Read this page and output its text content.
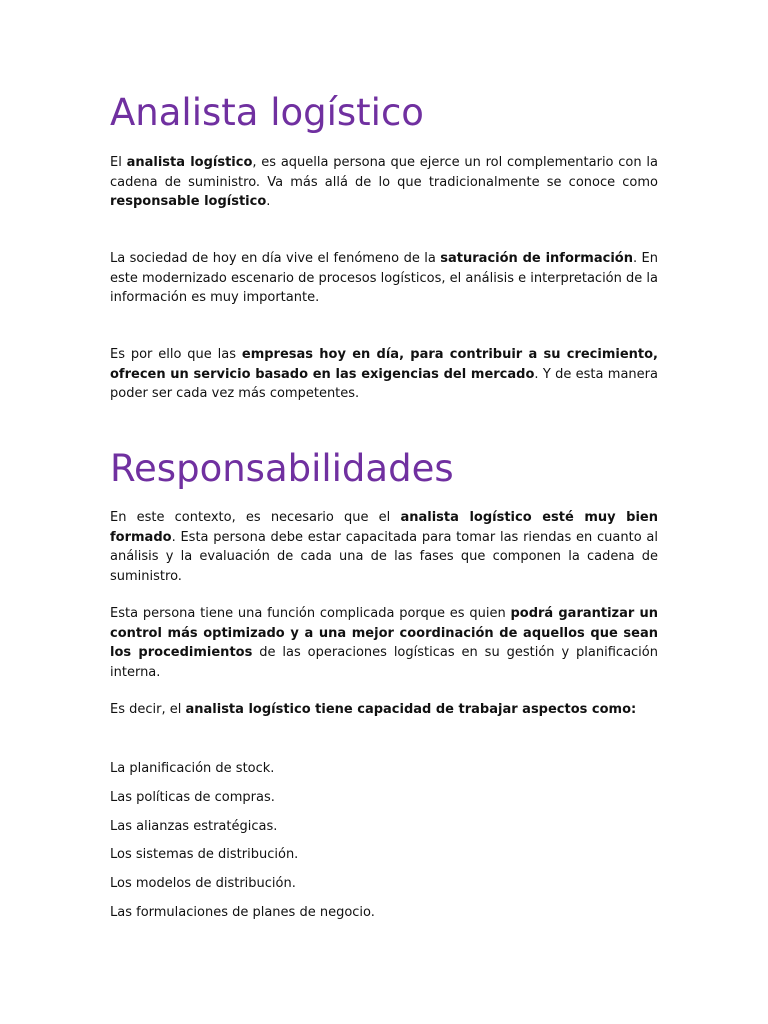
Analista logístico

El analista logístico, es aquella persona que ejerce un rol complementario con la cadena de suministro. Va más allá de lo que tradicionalmente se conoce como responsable logístico.

La sociedad de hoy en día vive el fenómeno de la saturación de información. En este modernizado escenario de procesos logísticos, el análisis e interpretación de la información es muy importante.

Es por ello que las empresas hoy en día, para contribuir a su crecimiento, ofrecen un servicio basado en las exigencias del mercado. Y de esta manera poder ser cada vez más competentes.

Responsabilidades

En este contexto, es necesario que el analista logístico esté muy bien formado. Esta persona debe estar capacitada para tomar las riendas en cuanto al análisis y la evaluación de cada una de las fases que componen la cadena de suministro.

Esta persona tiene una función complicada porque es quien podrá garantizar un control más optimizado y a una mejor coordinación de aquellos que sean los procedimientos de las operaciones logísticas en su gestión y planificación interna.

Es decir, el analista logístico tiene capacidad de trabajar aspectos como:

La planificación de stock.

Las políticas de compras.

Las alianzas estratégicas.

Los sistemas de distribución.

Los modelos de distribución.

Las formulaciones de planes de negocio.
